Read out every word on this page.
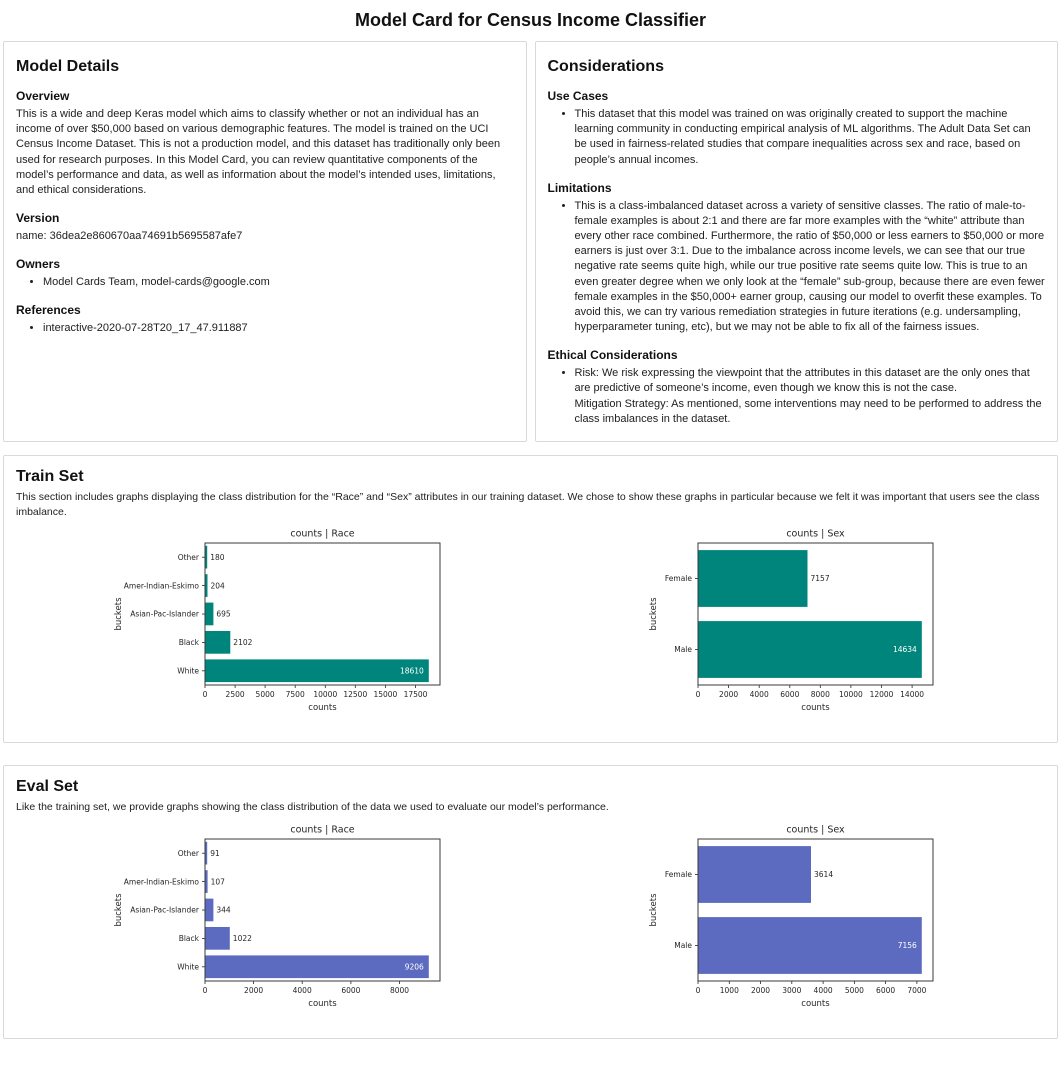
Model Card for Census Income Classifier
Model Details
Overview

This is a wide and deep Keras model which aims to classify whether or not an individual has an income of over $50,000 based on various demographic features. The model is trained on the UCI Census Income Dataset. This is not a production model, and this dataset has traditionally only been used for research purposes. In this Model Card, you can review quantitative components of the model’s performance and data, as well as information about the model’s intended uses, limitations, and ethical considerations.

Version

name: 36dea2e860670aa74691b5695587afe7

Owners
• Model Cards Team, model-cards@google.com
References
• interactive-2020-07-28T20_17_47.911887
Considerations
Use Cases
• This dataset that this model was trained on was originally created to support the machine learning community in conducting empirical analysis of ML algorithms. The Adult Data Set can be used in fairness-related studies that compare inequalities across sex and race, based on people’s annual incomes.
Limitations
• This is a class-imbalanced dataset across a variety of sensitive classes. The ratio of male-to-female examples is about 2:1 and there are far more examples with the “white” attribute than every other race combined. Furthermore, the ratio of $50,000 or less earners to $50,000 or more earners is just over 3:1. Due to the imbalance across income levels, we can see that our true negative rate seems quite high, while our true positive rate seems quite low. This is true to an even greater degree when we only look at the “female” sub-group, because there are even fewer female examples in the $50,000+ earner group, causing our model to overfit these examples. To avoid this, we can try various remediation strategies in future iterations (e.g. undersampling, hyperparameter tuning, etc), but we may not be able to fix all of the fairness issues.
Ethical Considerations
• Risk: We risk expressing the viewpoint that the attributes in this dataset are the only ones that are predictive of someone’s income, even though we know this is not the case.
Mitigation Strategy: As mentioned, some interventions may need to be performed to address the class imbalances in the dataset.
Train Set

This section includes graphs displaying the class distribution for the “Race” and “Sex” attributes in our training dataset. We chose to show these graphs in particular because we felt it was important that users see the class imbalance.

counts | Race
180
204
695
2102
18610
Other
Amer-Indian-Eskimo
Asian-Pac-Islander
Black
White
0 2500 5000 7500 10000 12500 15000 17500
counts
buckets
counts | Sex
7157
14634
Female
Male
0 2000 4000 6000 8000 10000 12000 14000
counts
buckets
Eval Set

Like the training set, we provide graphs showing the class distribution of the data we used to evaluate our model’s performance.

counts | Race
91
107
344
1022
9206
Other
Amer-Indian-Eskimo
Asian-Pac-Islander
Black
White
0	2000	4000	6000	8000
counts
buckets
counts | Sex
3614
7156
Female
Male
0	1000 2000 3000 4000 5000 6000 7000
counts
buckets
